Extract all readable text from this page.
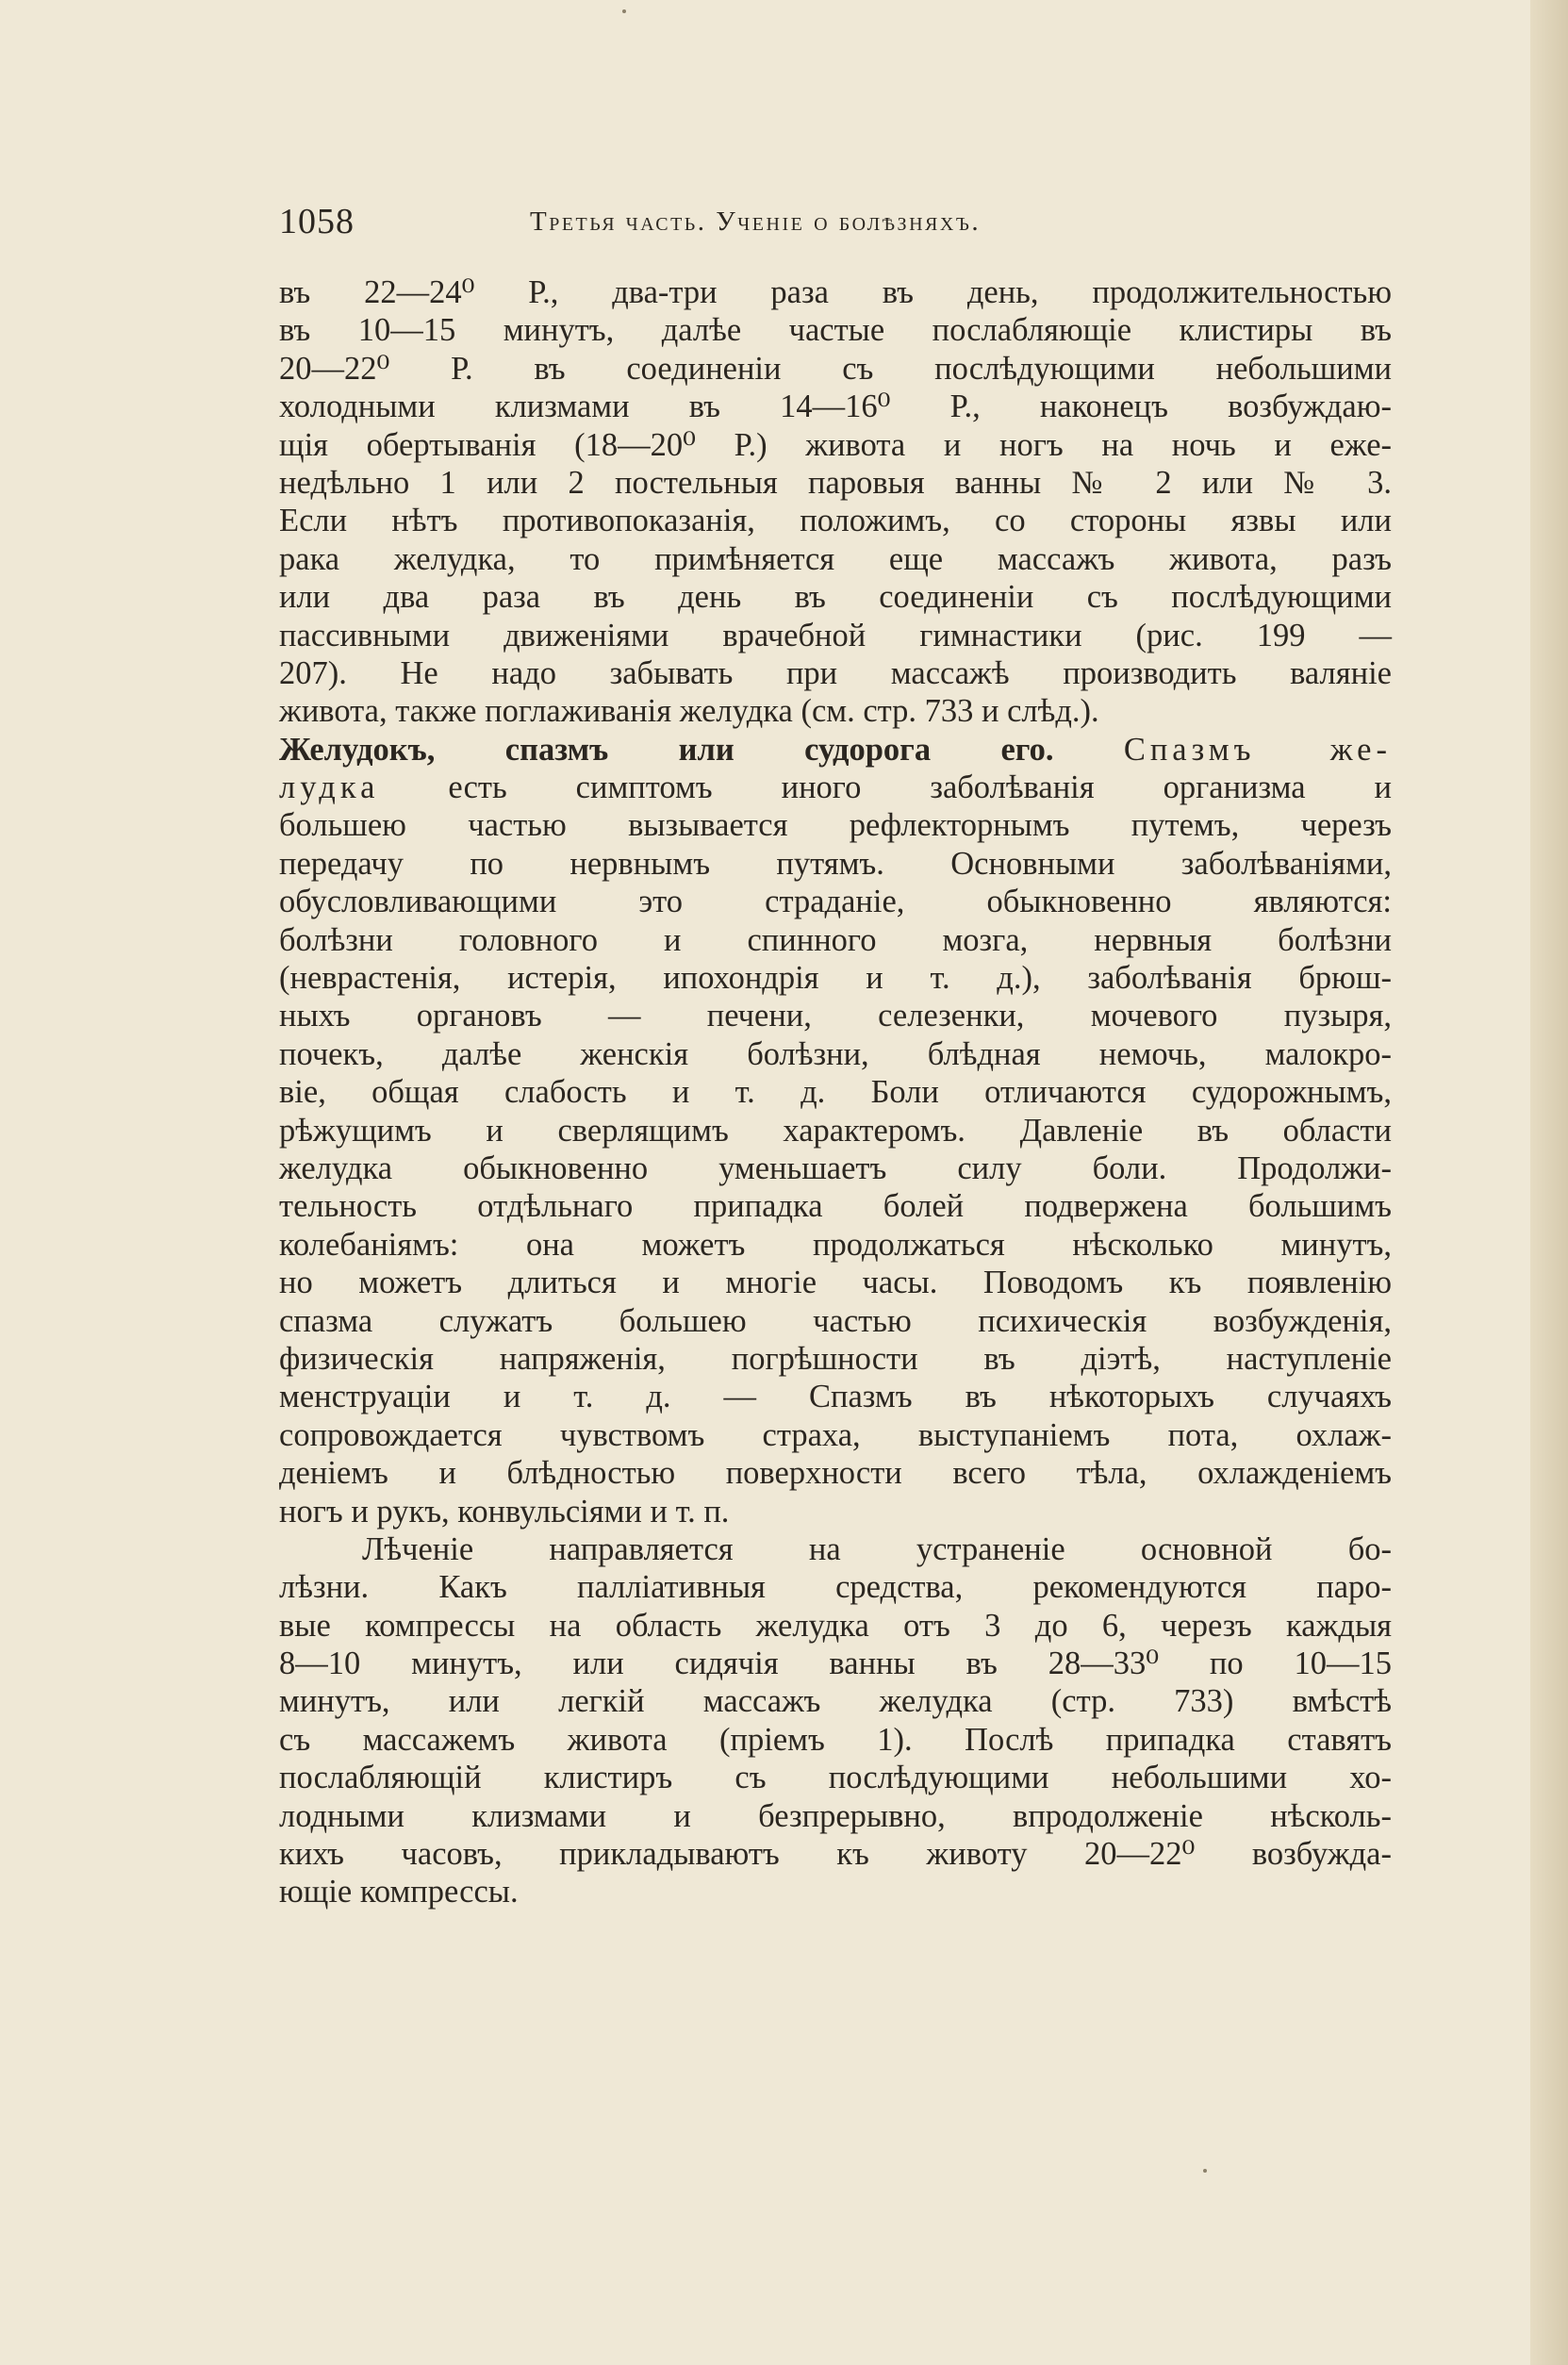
1058	Третья часть. Ученіе о болѣзняхъ.
въ 22—24⁰ Р., два-три раза въ день, продолжительностью
въ 10—15 минутъ, далѣе частые послабляющіе клистиры въ
20—22⁰ Р. въ соединеніи съ послѣдующими небольшими
холодными клизмами въ 14—16⁰ Р., наконецъ возбуждаю-
щія обертыванія (18—20⁰ Р.) живота и ногъ на ночь и еже-
недѣльно 1 или 2 постельныя паровыя ванны № 2 или № 3.
Если нѣтъ противопоказанія, положимъ, со стороны язвы или
рака желудка, то примѣняется еще массажъ живота, разъ
или два раза въ день въ соединеніи съ послѣдующими
пассивными движеніями врачебной гимнастики (рис. 199 —
207). Не надо забывать при массажѣ производить валяніе
живота, также поглаживанія желудка (см. стр. 733 и слѣд.).
Желудокъ, спазмъ или судорога его. Спазмъ же-
лудка есть симптомъ иного заболѣванія организма и
большею частью вызывается рефлекторнымъ путемъ, черезъ
передачу по нервнымъ путямъ. Основными заболѣваніями,
обусловливающими это страданіе, обыкновенно являются:
болѣзни головного и спинного мозга, нервныя болѣзни
(неврастенія, истерія, ипохондрія и т. д.), заболѣванія брюш-
ныхъ органовъ — печени, селезенки, мочевого пузыря,
почекъ, далѣе женскія болѣзни, блѣдная немочь, малокро-
віе, общая слабость и т. д. Боли отличаются судорожнымъ,
рѣжущимъ и сверлящимъ характеромъ. Давленіе въ области
желудка обыкновенно уменьшаетъ силу боли. Продолжи-
тельность отдѣльнаго припадка болей подвержена большимъ
колебаніямъ: она можетъ продолжаться нѣсколько минутъ,
но можетъ длиться и многіе часы. Поводомъ къ появленію
спазма служатъ большею частью психическія возбужденія,
физическія напряженія, погрѣшности въ діэтѣ, наступленіе
менструаціи и т. д. — Спазмъ въ нѣкоторыхъ случаяхъ
сопровождается чувствомъ страха, выступаніемъ пота, охлаж-
деніемъ и блѣдностью поверхности всего тѣла, охлажденіемъ
ногъ и рукъ, конвульсіями и т. п.
Лѣченіе направляется на устраненіе основной бо-
лѣзни. Какъ палліативныя средства, рекомендуются паро-
вые компрессы на область желудка отъ 3 до 6, черезъ каждыя
8—10 минутъ, или сидячія ванны въ 28—33⁰ по 10—15
минутъ, или легкій массажъ желудка (стр. 733) вмѣстѣ
съ массажемъ живота (пріемъ 1). Послѣ припадка ставятъ
послабляющій клистиръ съ послѣдующими небольшими хо-
лодными клизмами и безпрерывно, впродолженіе нѣсколь-
кихъ часовъ, прикладываютъ къ животу 20—22⁰ возбужда-
ющіе компрессы.
